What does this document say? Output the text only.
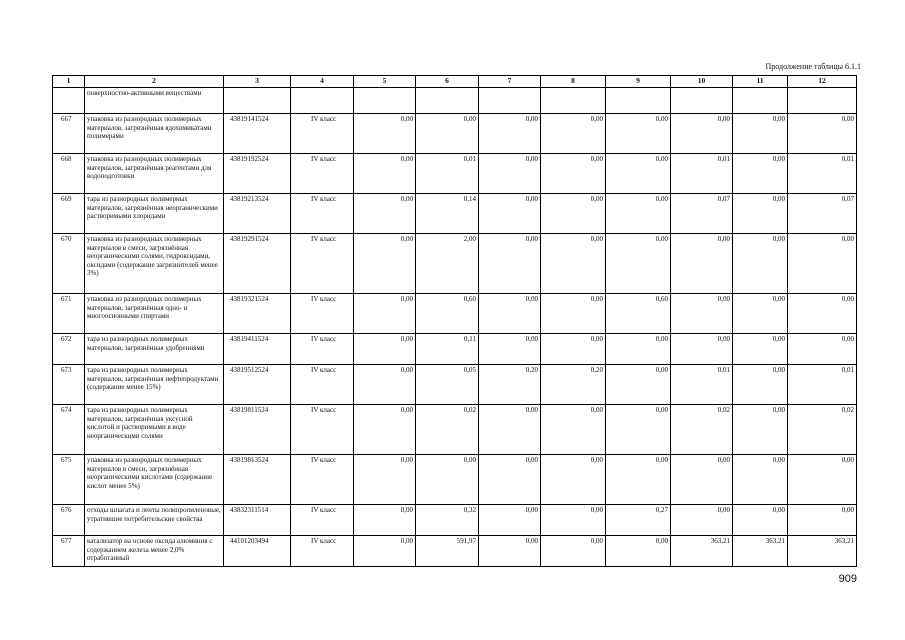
Продолжение таблицы 6.1.1
1	2	3	4	5	6	7	8	9	10	11	12
	поверхностно-активными веществами										
667	упаковка из разнородных полимерных материалов, загрязнённая ядохимикатами полимерами	43819141524	IV класс	0,00	0,00	0,00	0,00	0,00	0,00	0,00	0,00
668	упаковка из разнородных полимерных материалов, загрязнённая реагентами для водоподготовки	43819192524	IV класс	0,00	0,01	0,00	0,00	0,00	0,01	0,00	0,01
669	тара из разнородных полимерных материалов, загрязнённая неорганическими растворимыми хлоридами	43819213524	IV класс	0,00	0,14	0,00	0,00	0,00	0,07	0,00	0,07
670	упаковка из разнородных полимерных материалов в смеси, загрязнённая неорганическими солями, гидроксидами, оксидами (содержание загрязнителей менее 3%)	43819291524	IV класс	0,00	2,00	0,00	0,00	0,00	0,00	0,00	0,00
671	упаковка из разнородных полимерных материалов, загрязнённая одно- и многоосновными спиртами	43819321524	IV класс	0,00	0,60	0,00	0,00	0,60	0,00	0,00	0,00
672	тара из разнородных полимерных материалов, загрязнённая удобрениями	43819411524	IV класс	0,00	0,11	0,00	0,00	0,00	0,00	0,00	0,00
673	тара из разнородных полимерных материалов, загрязнённая нефтепродуктами (содержание менее 15%)	43819512524	IV класс	0,00	0,05	0,20	0,20	0,00	0,01	0,00	0,01
674	тара из разнородных полимерных материалов, загрязнённая уксусной кислотой и растворимыми в воде неорганическими солями	43819811524	IV класс	0,00	0,02	0,00	0,00	0,00	0,02	0,00	0,02
675	упаковка из разнородных полимерных материалов в смеси, загрязнённая неорганическими кислотами (содержание кислот менее 5%)	43819813524	IV класс	0,00	0,00	0,00	0,00	0,00	0,00	0,00	0,00
676	отходы шпагата и ленты полипропиленовые, утратившие потребительские свойства	43832311514	IV класс	0,00	0,32	0,00	0,00	0,27	0,00	0,00	0,00
677	катализатор на основе оксида алюминия с содержанием железа менее 2,0% отработанный	44101203494	IV класс	0,00	591,97	0,00	0,00	0,00	363,21	363,21	363,21
909
